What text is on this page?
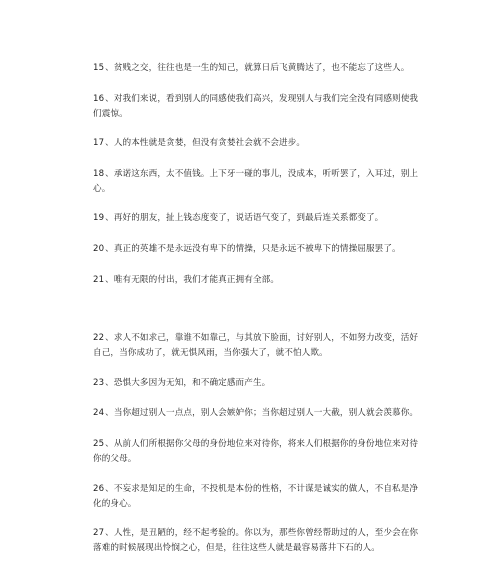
15、贫贱之交，往往也是一生的知己，就算日后飞黄腾达了，也不能忘了这些人。

16、对我们来说，看到别人的同感使我们高兴，发现别人与我们完全没有同感则使我们震惊。

17、人的本性就是贪婪，但没有贪婪社会就不会进步。

18、承诺这东西，太不值钱。上下牙一碰的事儿，没成本，听听罢了，入耳过，别上心。

19、再好的朋友，扯上钱态度变了，说话语气变了，到最后连关系都变了。

20、真正的英雄不是永远没有卑下的情操，只是永远不被卑下的情操屈服罢了。

21、唯有无限的付出，我们才能真正拥有全部。

22、求人不如求己，靠谁不如靠己，与其放下脸面，讨好别人，不如努力改变，活好自己，当你成功了，就无惧风雨，当你强大了，就不怕人欺。

23、恐惧大多因为无知，和不确定感而产生。

24、当你超过别人一点点，别人会嫉妒你；当你超过别人一大截，别人就会羡慕你。

25、从前人们所根据你父母的身份地位来对待你，将来人们根据你的身份地位来对待你的父母。

26、不妄求是知足的生命，不投机是本份的性格，不计谋是诚实的做人，不自私是净化的身心。

27、人性，是丑陋的，经不起考验的。你以为，那些你曾经帮助过的人，至少会在你落难的时候展现出怜悯之心，但是，往往这些人就是最容易落井下石的人。
